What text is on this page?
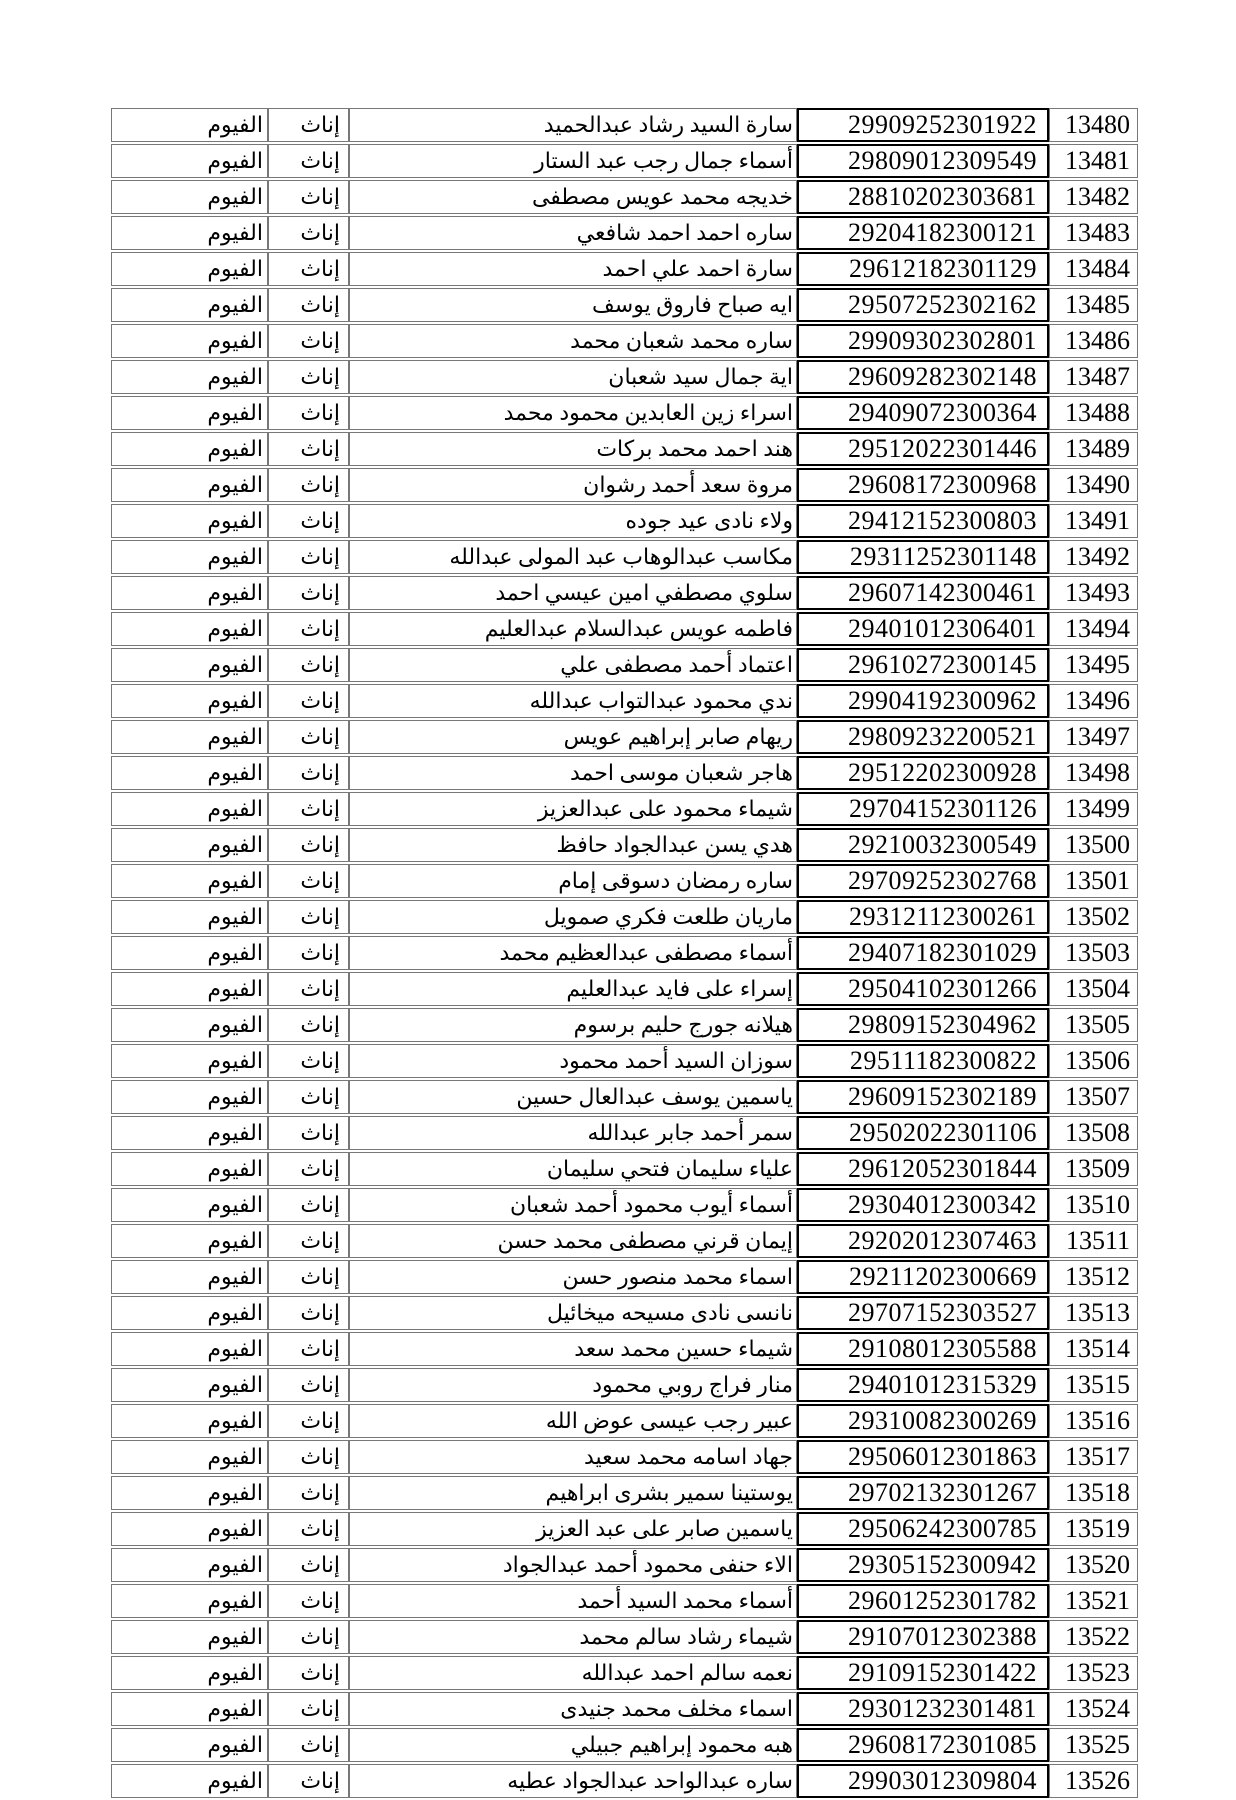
الفيوم	إناث	سارة السيد رشاد عبدالحميد	29909252301922	13480
الفيوم	إناث	أسماء جمال رجب عبد الستار	29809012309549	13481
الفيوم	إناث	خديجه محمد عويس مصطفى	28810202303681	13482
الفيوم	إناث	ساره احمد احمد شافعي	29204182300121	13483
الفيوم	إناث	سارة احمد علي احمد	29612182301129	13484
الفيوم	إناث	ايه صباح فاروق يوسف	29507252302162	13485
الفيوم	إناث	ساره محمد شعبان محمد	29909302302801	13486
الفيوم	إناث	اية جمال سيد شعبان	29609282302148	13487
الفيوم	إناث	اسراء زين العابدين محمود محمد	29409072300364	13488
الفيوم	إناث	هند احمد محمد بركات	29512022301446	13489
الفيوم	إناث	مروة سعد أحمد رشوان	29608172300968	13490
الفيوم	إناث	ولاء نادى عيد جوده	29412152300803	13491
الفيوم	إناث	مكاسب عبدالوهاب عبد المولى عبدالله	29311252301148	13492
الفيوم	إناث	سلوي مصطفي امين عيسي احمد	29607142300461	13493
الفيوم	إناث	فاطمه عويس عبدالسلام عبدالعليم	29401012306401	13494
الفيوم	إناث	اعتماد أحمد مصطفى علي	29610272300145	13495
الفيوم	إناث	ندي محمود عبدالتواب عبدالله	29904192300962	13496
الفيوم	إناث	ريهام صابر إبراهيم عويس	29809232200521	13497
الفيوم	إناث	هاجر شعبان موسى احمد	29512202300928	13498
الفيوم	إناث	شيماء محمود على عبدالعزيز	29704152301126	13499
الفيوم	إناث	هدي يسن عبدالجواد حافظ	29210032300549	13500
الفيوم	إناث	ساره رمضان دسوقى إمام	29709252302768	13501
الفيوم	إناث	ماريان طلعت فكري صمويل	29312112300261	13502
الفيوم	إناث	أسماء مصطفى عبدالعظيم محمد	29407182301029	13503
الفيوم	إناث	إسراء على فايد عبدالعليم	29504102301266	13504
الفيوم	إناث	هيلانه جورج حليم برسوم	29809152304962	13505
الفيوم	إناث	سوزان السيد أحمد محمود	29511182300822	13506
الفيوم	إناث	ياسمين يوسف عبدالعال حسين	29609152302189	13507
الفيوم	إناث	سمر أحمد جابر عبدالله	29502022301106	13508
الفيوم	إناث	علياء سليمان فتحي سليمان	29612052301844	13509
الفيوم	إناث	أسماء أيوب محمود أحمد شعبان	29304012300342	13510
الفيوم	إناث	إيمان قرني مصطفى محمد حسن	29202012307463	13511
الفيوم	إناث	اسماء محمد منصور حسن	29211202300669	13512
الفيوم	إناث	نانسى نادى مسيحه ميخائيل	29707152303527	13513
الفيوم	إناث	شيماء حسين محمد سعد	29108012305588	13514
الفيوم	إناث	منار فراج روبي محمود	29401012315329	13515
الفيوم	إناث	عبير رجب عيسى عوض الله	29310082300269	13516
الفيوم	إناث	جهاد اسامه محمد سعيد	29506012301863	13517
الفيوم	إناث	يوستينا سمير بشرى ابراهيم	29702132301267	13518
الفيوم	إناث	ياسمين صابر على عبد العزيز	29506242300785	13519
الفيوم	إناث	الاء حنفى محمود أحمد عبدالجواد	29305152300942	13520
الفيوم	إناث	أسماء محمد السيد أحمد	29601252301782	13521
الفيوم	إناث	شيماء رشاد سالم محمد	29107012302388	13522
الفيوم	إناث	نعمه سالم احمد عبدالله	29109152301422	13523
الفيوم	إناث	اسماء مخلف محمد جنيدى	29301232301481	13524
الفيوم	إناث	هبه محمود إبراهيم جبيلي	29608172301085	13525
الفيوم	إناث	ساره عبدالواحد عبدالجواد عطيه	29903012309804	13526
